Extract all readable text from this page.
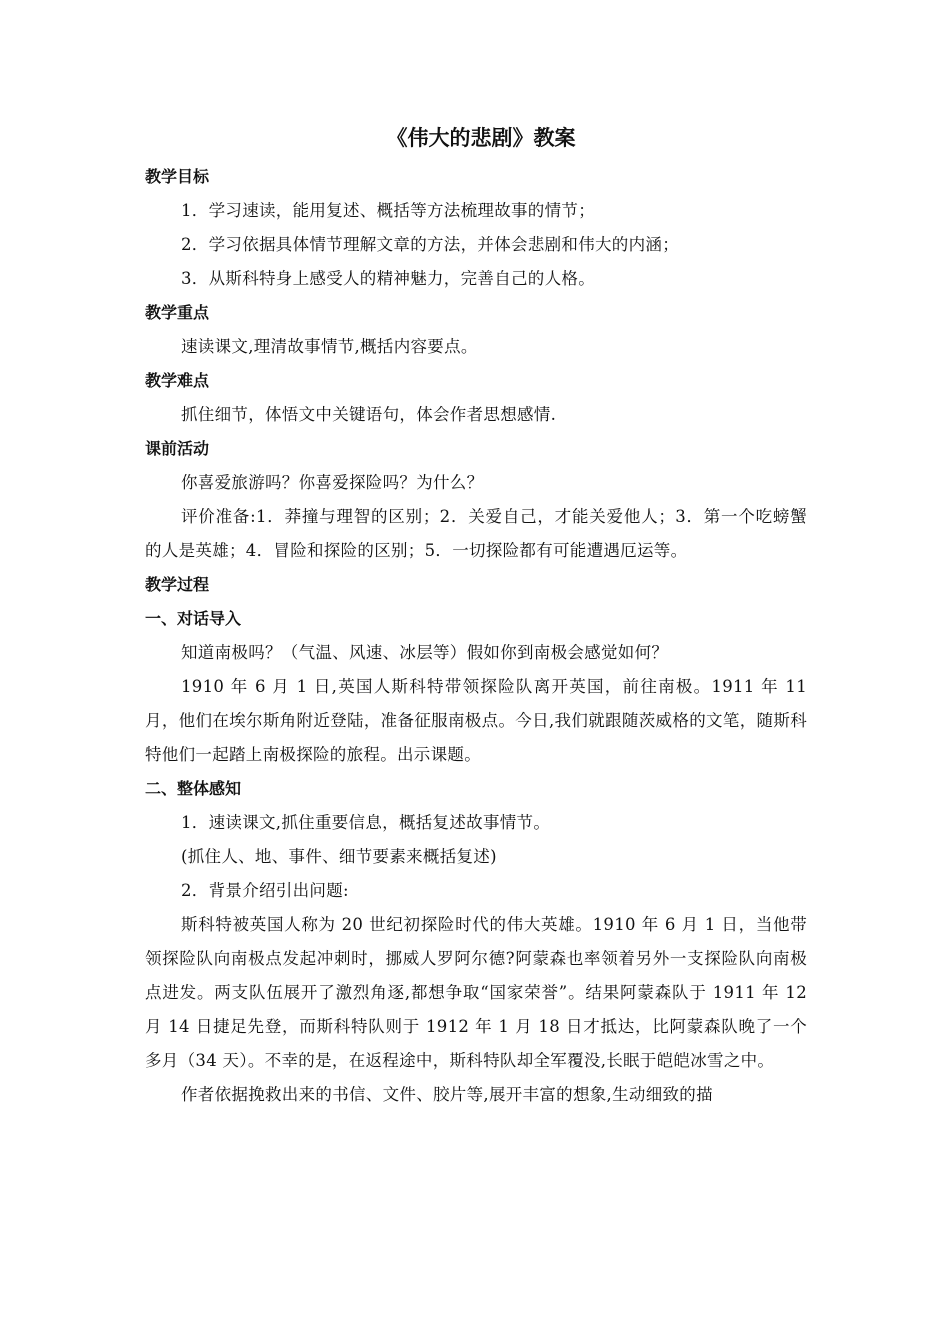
《伟大的悲剧》教案

教学目标

1．学习速读，能用复述、概括等方法梳理故事的情节；

2．学习依据具体情节理解文章的方法，并体会悲剧和伟大的内涵；

3．从斯科特身上感受人的精神魅力，完善自己的人格。

教学重点

速读课文,理清故事情节,概括内容要点。

教学难点

抓住细节，体悟文中关键语句，体会作者思想感情.

课前活动

你喜爱旅游吗？你喜爱探险吗？为什么？

评价准备:1．莽撞与理智的区别；2．关爱自己，才能关爱他人；3．第一个吃螃蟹的人是英雄；4．冒险和探险的区别；5．一切探险都有可能遭遇厄运等。

教学过程

一、对话导入

知道南极吗？（气温、风速、冰层等）假如你到南极会感觉如何？

1910 年 6 月 1 日,英国人斯科特带领探险队离开英国，前往南极。1911 年 11 月，他们在埃尔斯角附近登陆，准备征服南极点。今日,我们就跟随茨威格的文笔，随斯科特他们一起踏上南极探险的旅程。出示课题。

二、整体感知

1．速读课文,抓住重要信息，概括复述故事情节。

(抓住人、地、事件、细节要素来概括复述)

2．背景介绍引出问题:

斯科特被英国人称为 20 世纪初探险时代的伟大英雄。1910 年 6 月 1 日，当他带领探险队向南极点发起冲刺时，挪威人罗阿尔德?阿蒙森也率领着另外一支探险队向南极点进发。两支队伍展开了激烈角逐,都想争取“国家荣誉”。结果阿蒙森队于 1911 年 12 月 14 日捷足先登，而斯科特队则于 1912 年 1 月 18 日才抵达，比阿蒙森队晚了一个多月（34 天）。不幸的是，在返程途中，斯科特队却全军覆没,长眠于皑皑冰雪之中。

作者依据挽救出来的书信、文件、胶片等,展开丰富的想象,生动细致的描
